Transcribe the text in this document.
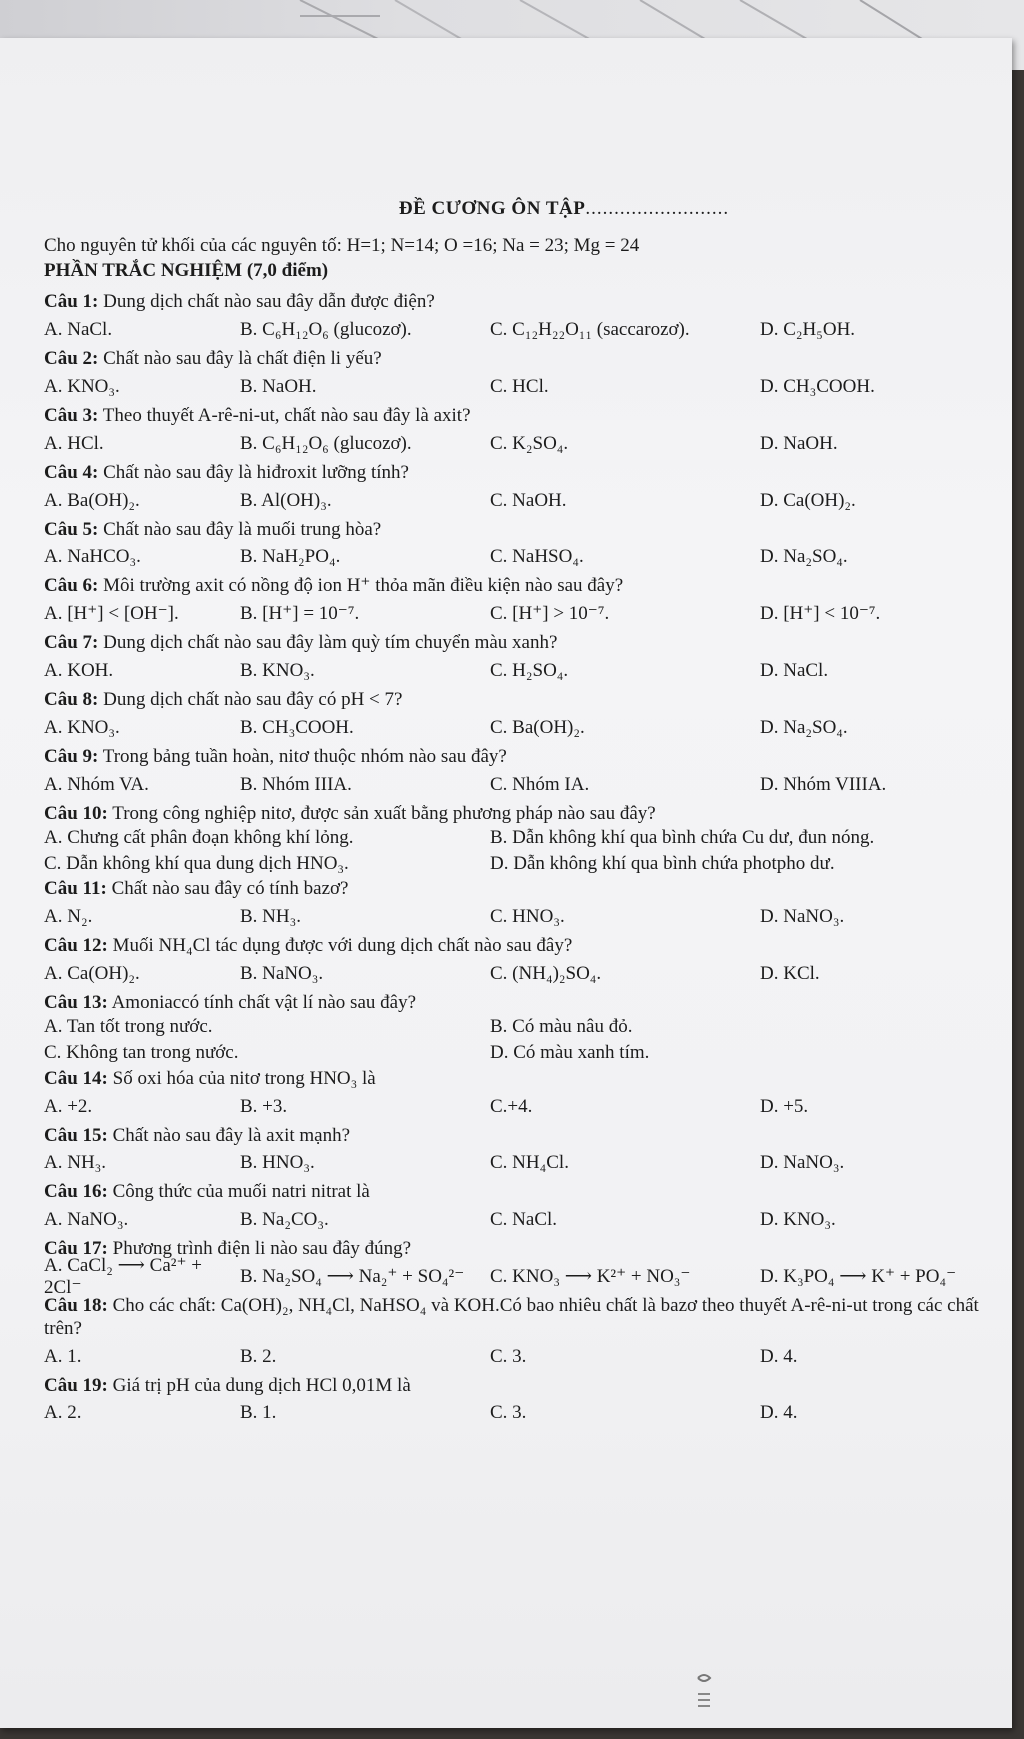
ĐỀ CƯƠNG ÔN TẬP.........................
Cho nguyên tử khối của các nguyên tố: H=1; N=14; O =16; Na = 23; Mg = 24
PHẦN TRẮC NGHIỆM (7,0 điểm)
Câu 1: Dung dịch chất nào sau đây dẫn được điện?
A. NaCl.	B. C₆H₁₂O₆ (glucozơ).	C. C₁₂H₂₂O₁₁ (saccarozơ).	D. C₂H₅OH.
Câu 2: Chất nào sau đây là chất điện li yếu?
A. KNO₃.	B. NaOH.	C. HCl.	D. CH₃COOH.
Câu 3: Theo thuyết A-rê-ni-ut, chất nào sau đây là axit?
A. HCl.	B. C₆H₁₂O₆ (glucozơ).	C. K₂SO₄.	D. NaOH.
Câu 4: Chất nào sau đây là hiđroxit lưỡng tính?
A. Ba(OH)₂.	B. Al(OH)₃.	C. NaOH.	D. Ca(OH)₂.
Câu 5: Chất nào sau đây là muối trung hòa?
A. NaHCO₃.	B. NaH₂PO₄.	C. NaHSO₄.	D. Na₂SO₄.
Câu 6: Môi trường axit có nồng độ ion H⁺ thỏa mãn điều kiện nào sau đây?
A. [H⁺] < [OH⁻].	B. [H⁺] = 10⁻⁷.	C. [H⁺] > 10⁻⁷.	D. [H⁺] < 10⁻⁷.
Câu 7: Dung dịch chất nào sau đây làm quỳ tím chuyển màu xanh?
A. KOH.	B. KNO₃.	C. H₂SO₄.	D. NaCl.
Câu 8: Dung dịch chất nào sau đây có pH < 7?
A. KNO₃.	B. CH₃COOH.	C. Ba(OH)₂.	D. Na₂SO₄.
Câu 9: Trong bảng tuần hoàn, nitơ thuộc nhóm nào sau đây?
A. Nhóm VA.	B. Nhóm IIIA.	C. Nhóm IA.	D. Nhóm VIIIA.
Câu 10: Trong công nghiệp nitơ, được sản xuất bằng phương pháp nào sau đây?
A. Chưng cất phân đoạn không khí lỏng.	B. Dẫn không khí qua bình chứa Cu dư, đun nóng.
C. Dẫn không khí qua dung dịch HNO₃.	D. Dẫn không khí qua bình chứa photpho dư.
Câu 11: Chất nào sau đây có tính bazơ?
A. N₂.	B. NH₃.	C. HNO₃.	D. NaNO₃.
Câu 12: Muối NH₄Cl tác dụng được với dung dịch chất nào sau đây?
A. Ca(OH)₂.	B. NaNO₃.	C. (NH₄)₂SO₄.	D. KCl.
Câu 13: Amoniaccó tính chất vật lí nào sau đây?
A. Tan tốt trong nước.	B. Có màu nâu đỏ.
C. Không tan trong nước.	D. Có màu xanh tím.
Câu 14: Số oxi hóa của nitơ trong HNO₃ là
A. +2.	B. +3.	C.+4.	D. +5.
Câu 15: Chất nào sau đây là axit mạnh?
A. NH₃.	B. HNO₃.	C. NH₄Cl.	D. NaNO₃.
Câu 16: Công thức của muối natri nitrat là
A. NaNO₃.	B. Na₂CO₃.	C. NaCl.	D. KNO₃.
Câu 17: Phương trình điện li nào sau đây đúng?
A. CaCl₂ ⟶ Ca²⁺ + 2Cl⁻
B. Na₂SO₄ ⟶ Na₂⁺ + SO₄²⁻	C. KNO₃ ⟶ K²⁺ + NO₃⁻	D. K₃PO₄ ⟶ K⁺ + PO₄⁻
Câu 18: Cho các chất: Ca(OH)₂, NH₄Cl, NaHSO₄ và KOH.Có bao nhiêu chất là bazơ theo thuyết A-rê-ni-ut trong các chất trên?
A. 1.	B. 2.	C. 3.	D. 4.
Câu 19: Giá trị pH của dung dịch HCl 0,01M là
A. 2.	B. 1.	C. 3.	D. 4.
